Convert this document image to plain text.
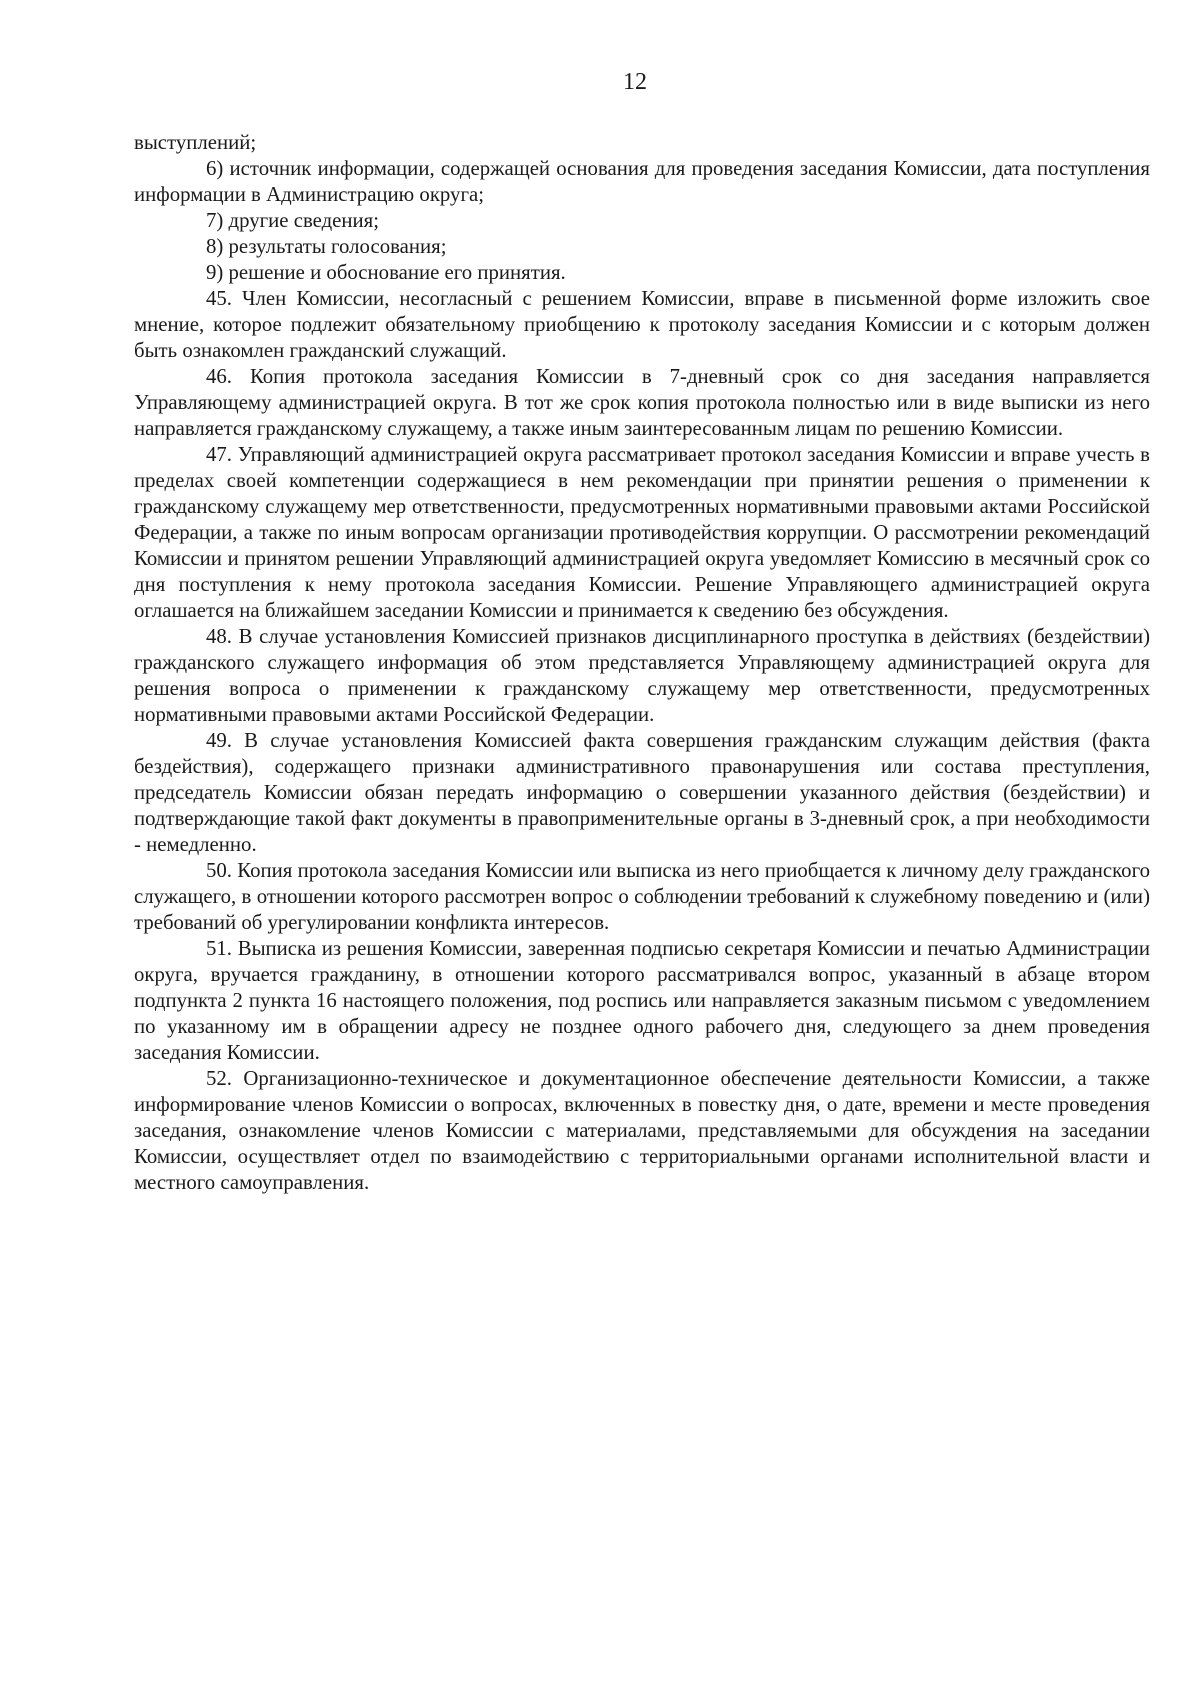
12

выступлений;

6) источник информации, содержащей основания для проведения заседания Комиссии, дата поступления информации в Администрацию округа;

7) другие сведения;

8) результаты голосования;

9) решение и обоснование его принятия.

45. Член Комиссии, несогласный с решением Комиссии, вправе в письменной форме изложить свое мнение, которое подлежит обязательному приобщению к протоколу заседания Комиссии и с которым должен быть ознакомлен гражданский служащий.

46. Копия протокола заседания Комиссии в 7-дневный срок со дня заседания направляется Управляющему администрацией округа. В тот же срок копия протокола полностью или в виде выписки из него направляется гражданскому служащему, а также иным заинтересованным лицам по решению Комиссии.

47. Управляющий администрацией округа рассматривает протокол заседания Комиссии и вправе учесть в пределах своей компетенции содержащиеся в нем рекомендации при принятии решения о применении к гражданскому служащему мер ответственности, предусмотренных нормативными правовыми актами Российской Федерации, а также по иным вопросам организации противодействия коррупции. О рассмотрении рекомендаций Комиссии и принятом решении Управляющий администрацией округа уведомляет Комиссию в месячный срок со дня поступления к нему протокола заседания Комиссии. Решение Управляющего администрацией округа оглашается на ближайшем заседании Комиссии и принимается к сведению без обсуждения.

48. В случае установления Комиссией признаков дисциплинарного проступка в действиях (бездействии) гражданского служащего информация об этом представляется Управляющему администрацией округа для решения вопроса о применении к гражданскому служащему мер ответственности, предусмотренных нормативными правовыми актами Российской Федерации.

49. В случае установления Комиссией факта совершения гражданским служащим действия (факта бездействия), содержащего признаки административного правонарушения или состава преступления, председатель Комиссии обязан передать информацию о совершении указанного действия (бездействии) и подтверждающие такой факт документы в правоприменительные органы в 3-дневный срок, а при необходимости - немедленно.

50. Копия протокола заседания Комиссии или выписка из него приобщается к личному делу гражданского служащего, в отношении которого рассмотрен вопрос о соблюдении требований к служебному поведению и (или) требований об урегулировании конфликта интересов.

51. Выписка из решения Комиссии, заверенная подписью секретаря Комиссии и печатью Администрации округа, вручается гражданину, в отношении которого рассматривался вопрос, указанный в абзаце втором подпункта 2 пункта 16 настоящего положения, под роспись или направляется заказным письмом с уведомлением по указанному им в обращении адресу не позднее одного рабочего дня, следующего за днем проведения заседания Комиссии.

52. Организационно-техническое и документационное обеспечение деятельности Комиссии, а также информирование членов Комиссии о вопросах, включенных в повестку дня, о дате, времени и месте проведения заседания, ознакомление членов Комиссии с материалами, представляемыми для обсуждения на заседании Комиссии, осуществляет отдел по взаимодействию с территориальными органами исполнительной власти и местного самоуправления.
